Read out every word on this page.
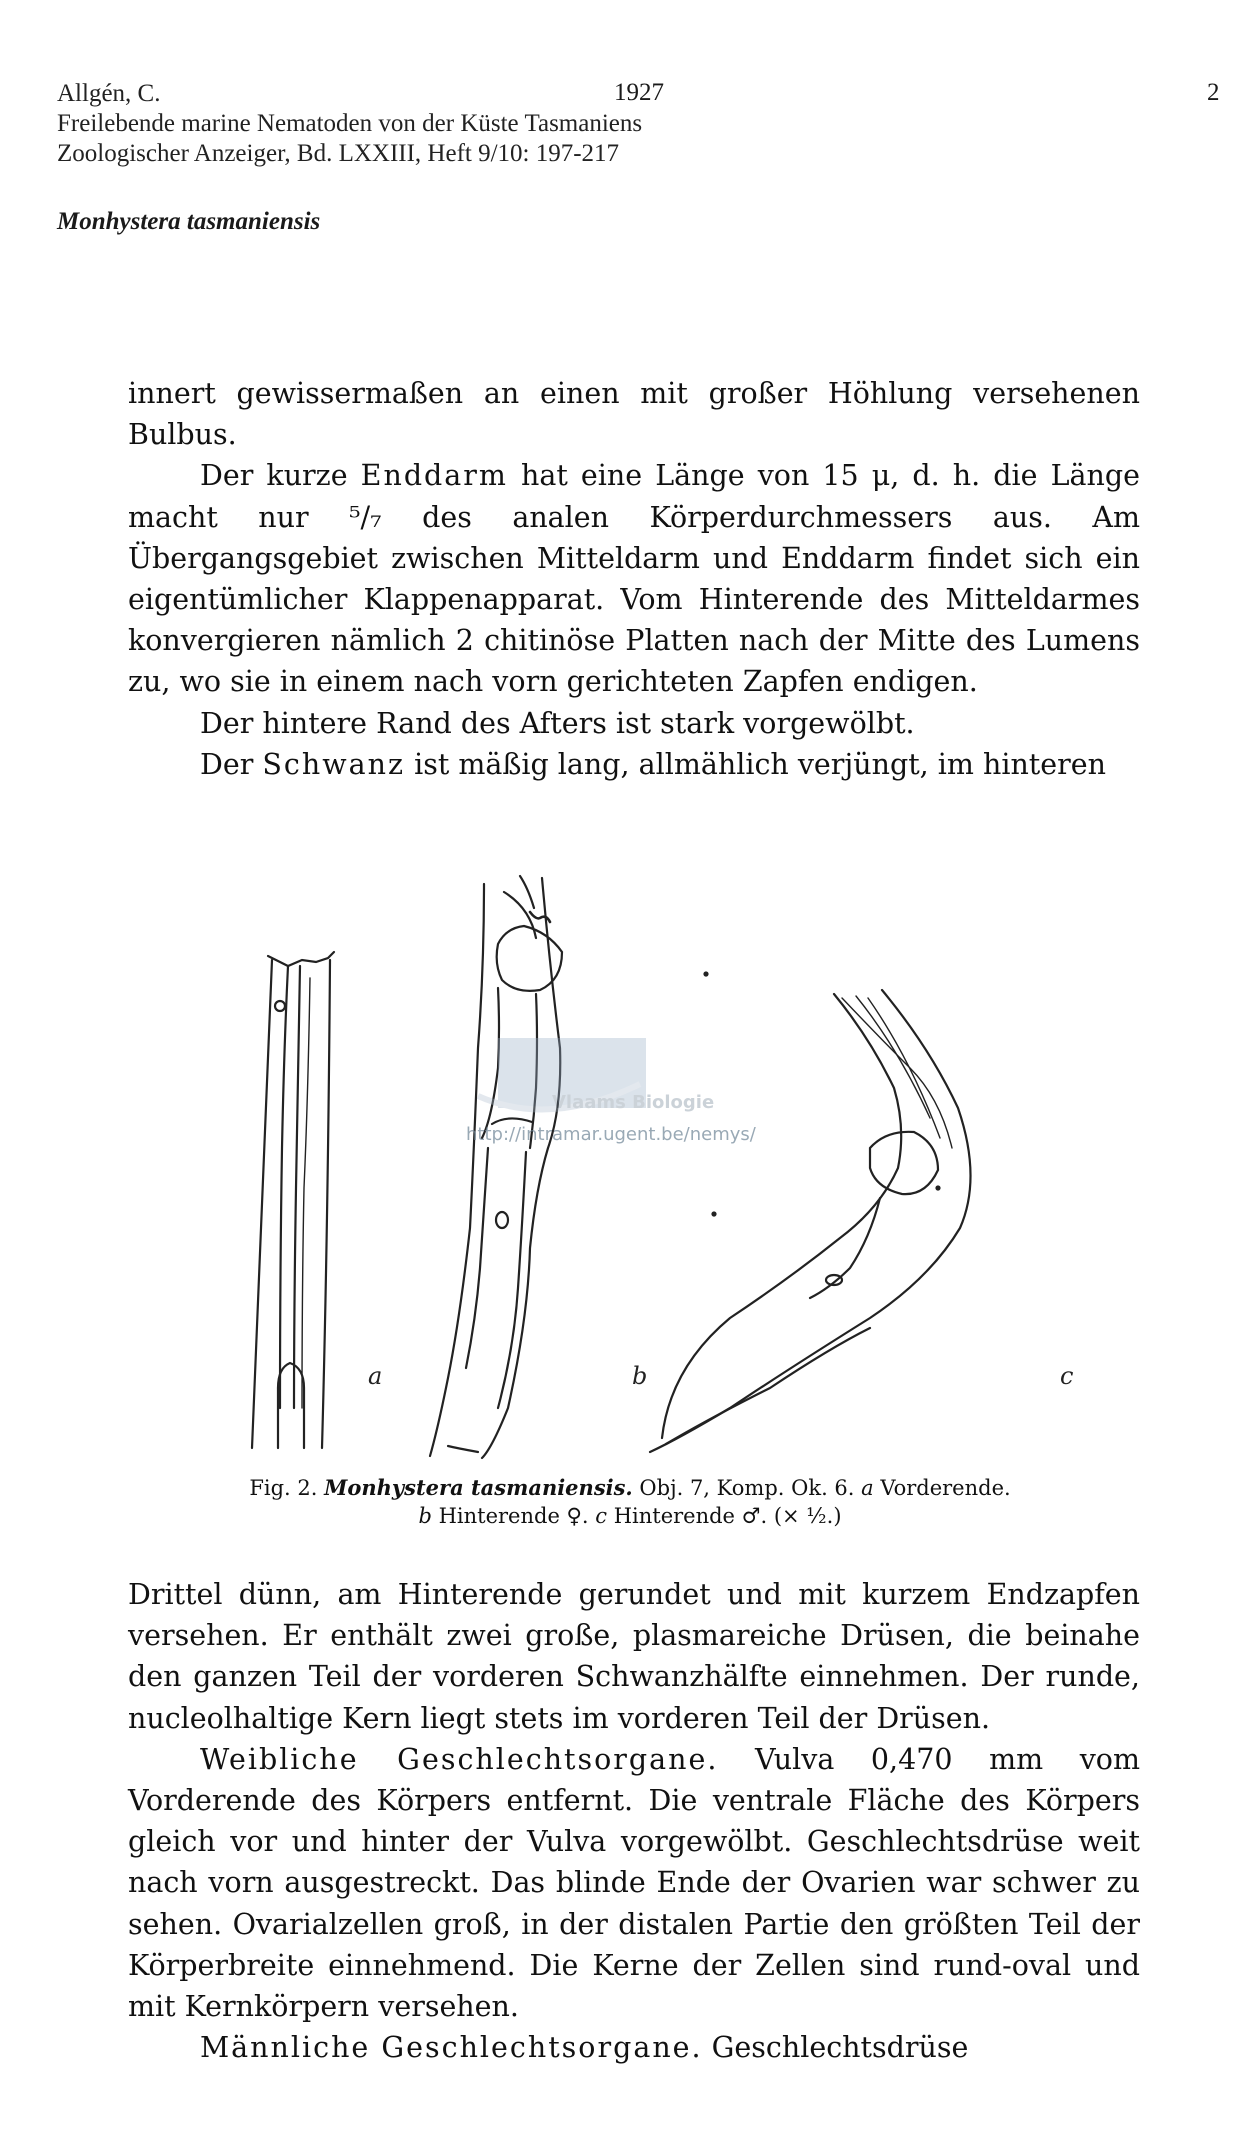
Allgén, C.
Freilebende marine Nematoden von der Küste Tasmaniens
Zoologischer Anzeiger, Bd. LXXIII, Heft 9/10: 197-217
1927	2
Monhystera tasmaniensis

innert gewissermaßen an einen mit großer Höhlung versehenen Bulbus.

Der kurze Enddarm hat eine Länge von 15 μ, d. h. die Länge macht nur ⁵/₇ des analen Körperdurchmessers aus. Am Übergangsgebiet zwischen Mitteldarm und Enddarm findet sich ein eigentümlicher Klappenapparat. Vom Hinterende des Mitteldarmes konvergieren nämlich 2 chitinöse Platten nach der Mitte des Lumens zu, wo sie in einem nach vorn gerichteten Zapfen endigen.

Der hintere Rand des Afters ist stark vorgewölbt.

Der Schwanz ist mäßig lang, allmählich verjüngt, im hinteren

Vlaams Biologie
http://intramar.ugent.be/nemys/
a	b	c
Fig. 2. Monhystera tasmaniensis. Obj. 7, Komp. Ok. 6. a Vorderende.
b Hinterende ♀. c Hinterende ♂. (× ½.)

Drittel dünn, am Hinterende gerundet und mit kurzem Endzapfen versehen. Er enthält zwei große, plasmareiche Drüsen, die beinahe den ganzen Teil der vorderen Schwanzhälfte einnehmen. Der runde, nucleolhaltige Kern liegt stets im vorderen Teil der Drüsen.

Weibliche Geschlechtsorgane. Vulva 0,470 mm vom Vorderende des Körpers entfernt. Die ventrale Fläche des Körpers gleich vor und hinter der Vulva vorgewölbt. Geschlechtsdrüse weit nach vorn ausgestreckt. Das blinde Ende der Ovarien war schwer zu sehen. Ovarialzellen groß, in der distalen Partie den größten Teil der Körperbreite einnehmend. Die Kerne der Zellen sind rund-oval und mit Kernkörpern versehen.

Männliche Geschlechtsorgane. Geschlechtsdrüse
